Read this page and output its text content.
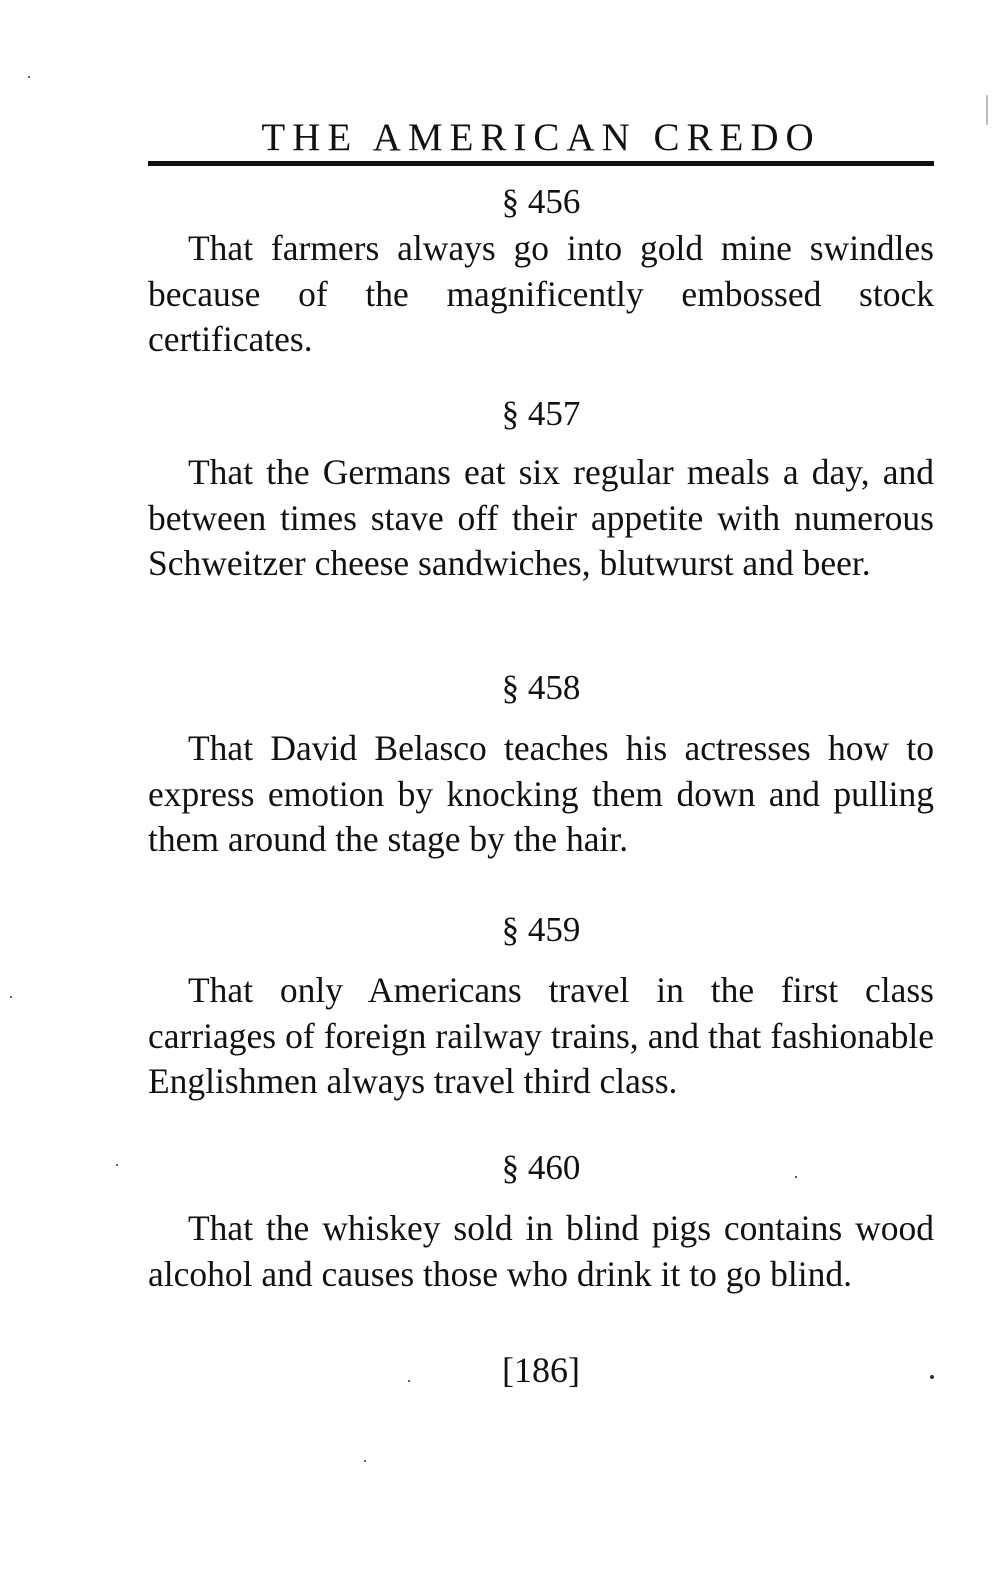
THE AMERICAN CREDO
§ 456

That farmers always go into gold mine swindles because of the magnificently embossed stock certificates.

§ 457

That the Germans eat six regular meals a day, and between times stave off their appetite with numerous Schweitzer cheese sandwiches, blutwurst and beer.

§ 458

That David Belasco teaches his actresses how to express emotion by knocking them down and pulling them around the stage by the hair.

§ 459

That only Americans travel in the first class carriages of foreign railway trains, and that fashionable Englishmen always travel third class.

§ 460

That the whiskey sold in blind pigs contains wood alcohol and causes those who drink it to go blind.

[186]
